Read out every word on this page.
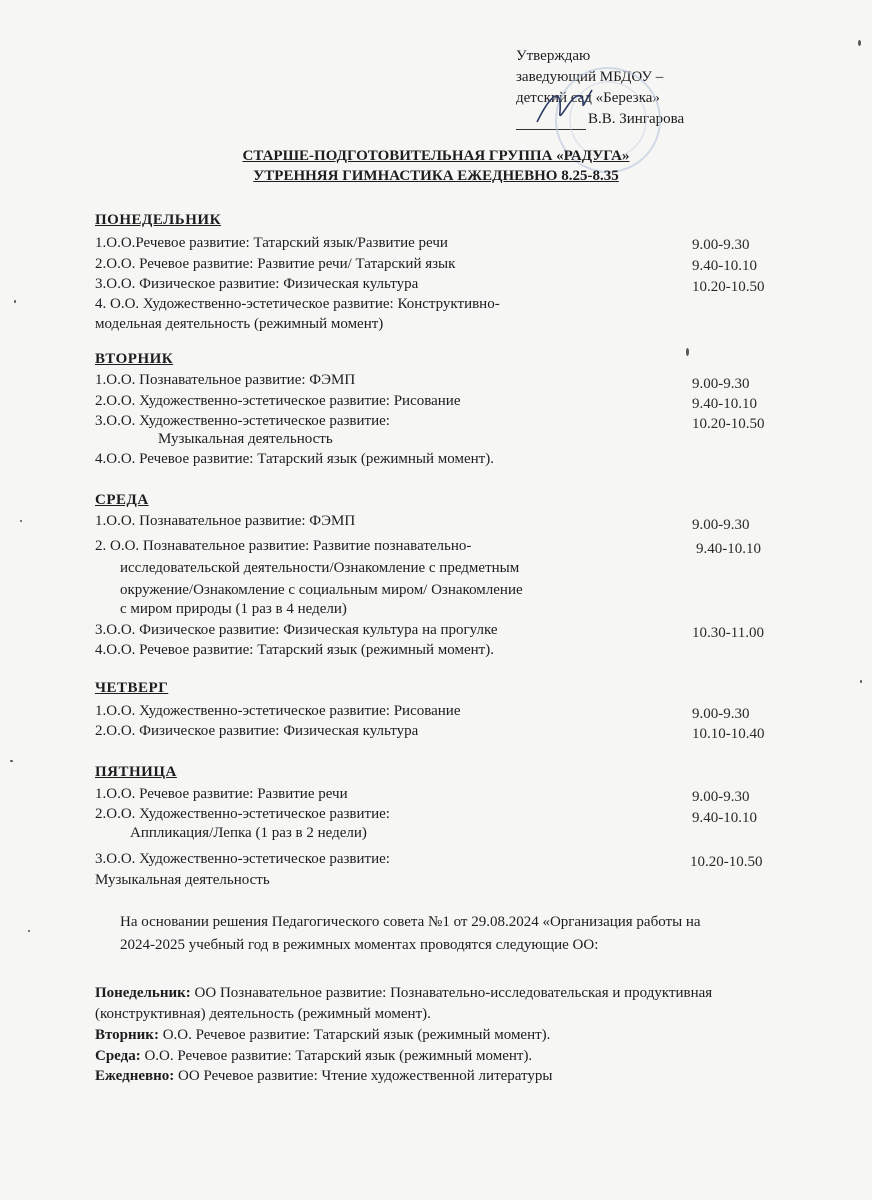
Утверждаю
заведующий МБДОУ –
детский сад «Березка»
В.В. Зингарова
СТАРШЕ-ПОДГОТОВИТЕЛЬНАЯ ГРУППА «РАДУГА»
УТРЕННЯЯ ГИМНАСТИКА ЕЖЕДНЕВНО 8.25-8.35
ПОНЕДЕЛЬНИК
1.О.О.Речевое развитие: Татарский язык/Развитие речи	9.00-9.30
2.О.О. Речевое развитие: Развитие речи/ Татарский язык	9.40-10.10
3.О.О. Физическое развитие: Физическая культура	10.20-10.50
4. О.О. Художественно-эстетическое развитие: Конструктивно-
модельная деятельность (режимный момент)
ВТОРНИК
1.О.О. Познавательное развитие: ФЭМП	9.00-9.30
2.О.О. Художественно-эстетическое развитие: Рисование	9.40-10.10
3.О.О. Художественно-эстетическое развитие:	10.20-10.50
Музыкальная деятельность
4.О.О. Речевое развитие: Татарский язык (режимный момент).
СРЕДА
1.О.О. Познавательное развитие: ФЭМП	9.00-9.30
2. О.О. Познавательное развитие: Развитие познавательно-	9.40-10.10
исследовательской деятельности/Ознакомление с предметным
окружение/Ознакомление с социальным миром/ Ознакомление
с миром природы (1 раз в 4 недели)
3.О.О. Физическое развитие: Физическая культура на прогулке	10.30-11.00
4.О.О. Речевое развитие: Татарский язык (режимный момент).
ЧЕТВЕРГ
1.О.О. Художественно-эстетическое развитие: Рисование	9.00-9.30
2.О.О. Физическое развитие: Физическая культура	10.10-10.40
ПЯТНИЦА
1.О.О. Речевое развитие: Развитие речи	9.00-9.30
2.О.О. Художественно-эстетическое развитие:	9.40-10.10
Аппликация/Лепка (1 раз в 2 недели)
3.О.О. Художественно-эстетическое развитие:	10.20-10.50
Музыкальная деятельность
На основании решения Педагогического совета №1 от 29.08.2024 «Организация работы на
2024-2025 учебный год в режимных моментах проводятся следующие ОО:
Понедельник: ОО Познавательное развитие: Познавательно-исследовательская и продуктивная
(конструктивная) деятельность (режимный момент).
Вторник: О.О. Речевое развитие: Татарский язык (режимный момент).
Среда: О.О. Речевое развитие: Татарский язык (режимный момент).
Ежедневно: ОО Речевое развитие: Чтение художественной литературы
